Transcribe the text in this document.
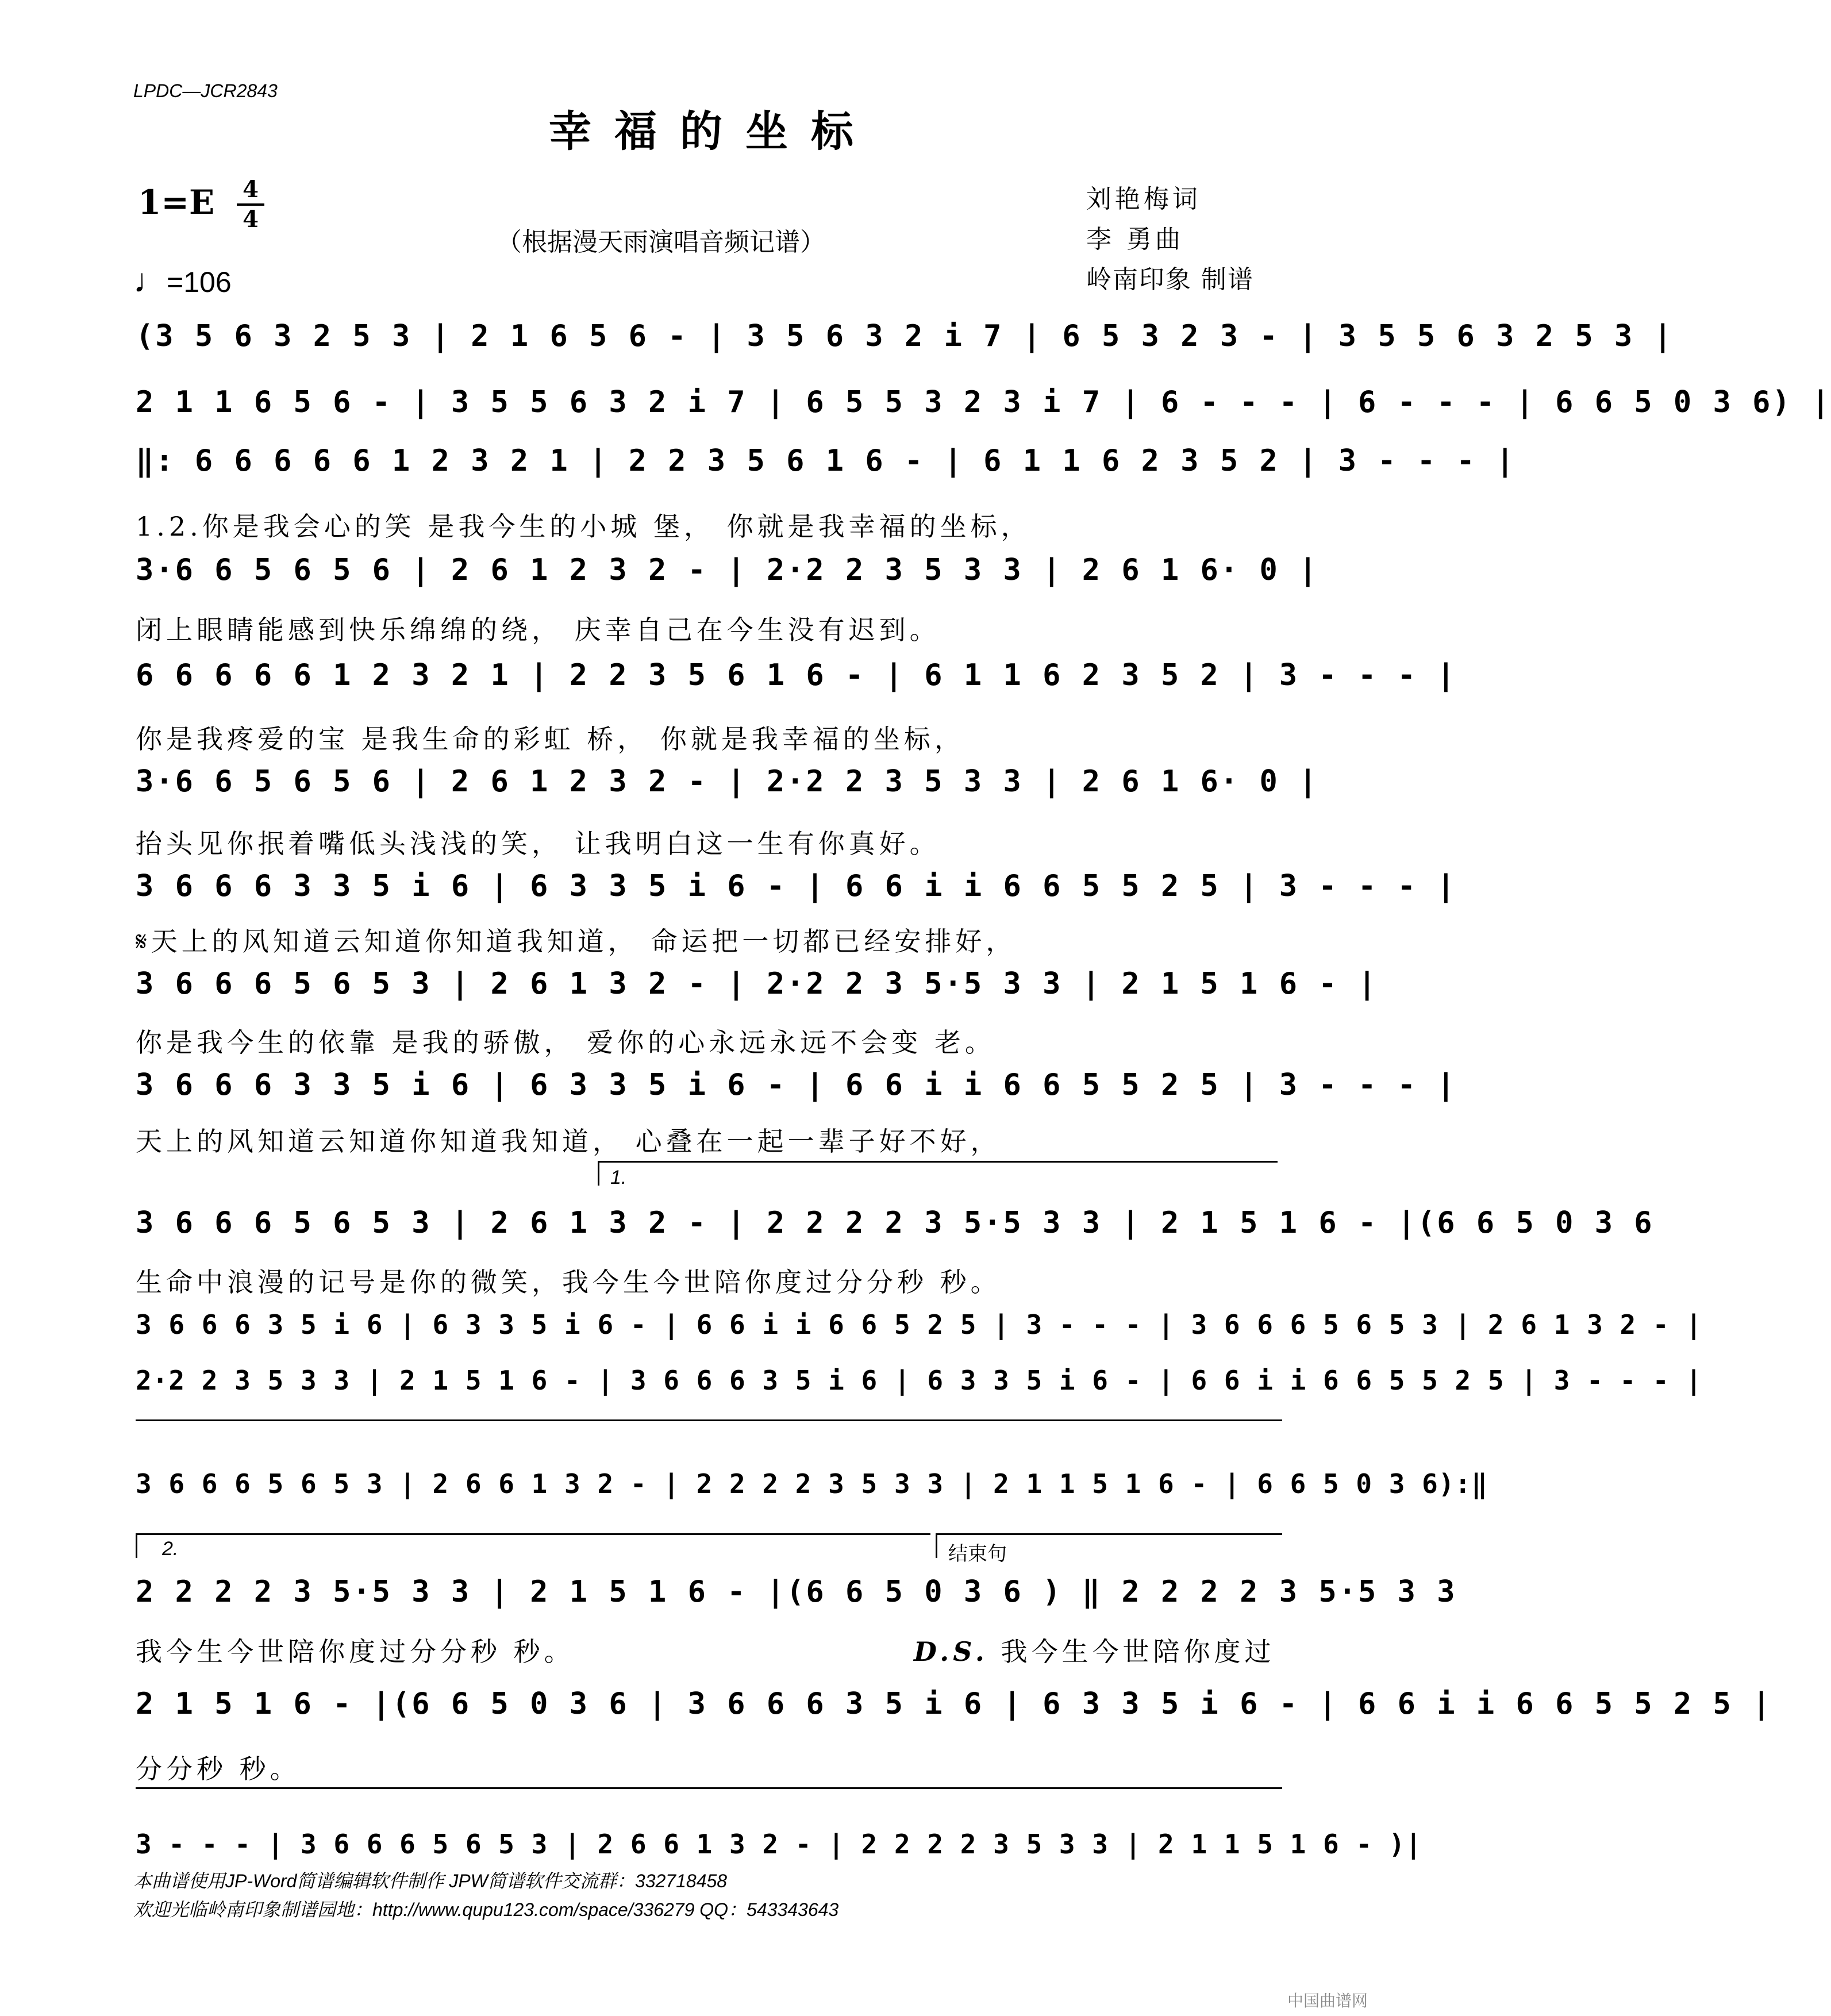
LPDC—JCR2843
幸福的坐标
1=E 4
4
（根据漫天雨演唱音频记谱）
刘艳梅词
李 勇曲
岭南印象 制谱
♩=106
(3 5 6 3 2 5 3 | 2 1 6 5 6 - | 3 5 6 3 2 i 7 | 6 5 3 2 3 - | 3 5 5 6 3 2 5 3 |
2 1 1 6 5 6 - | 3 5 5 6 3 2 i 7 | 6 5 5 3 2 3 i 7 | 6 - - - | 6 - - - | 6 6 5 0 3 6) |
‖: 6 6 6 6 6 1 2 3 2 1 | 2 2 3 5 6 1 6 - | 6 1 1 6 2 3 5 2 | 3 - - - |
1.2.你是我会心的笑 是我今生的小城 堡， 你就是我幸福的坐标，
3·6 6 5 6 5 6 | 2 6 1 2 3 2 - | 2·2 2 3 5 3 3 | 2 6 1 6· 0 |
闭上眼睛能感到快乐绵绵的绕， 庆幸自己在今生没有迟到。
6 6 6 6 6 1 2 3 2 1 | 2 2 3 5 6 1 6 - | 6 1 1 6 2 3 5 2 | 3 - - - |
你是我疼爱的宝 是我生命的彩虹 桥， 你就是我幸福的坐标，
3·6 6 5 6 5 6 | 2 6 1 2 3 2 - | 2·2 2 3 5 3 3 | 2 6 1 6· 0 |
抬头见你抿着嘴低头浅浅的笑， 让我明白这一生有你真好。
3 6 6 6 3 3 5 i 6 | 6 3 3 5 i 6 - | 6 6 i i 6 6 5 5 2 5 | 3 - - - |
𝄋天上的风知道云知道你知道我知道， 命运把一切都已经安排好，
3 6 6 6 5 6 5 3 | 2 6 1 3 2 - | 2·2 2 3 5·5 3 3 | 2 1 5 1 6 - |
你是我今生的依靠 是我的骄傲， 爱你的心永远永远不会变 老。
3 6 6 6 3 3 5 i 6 | 6 3 3 5 i 6 - | 6 6 i i 6 6 5 5 2 5 | 3 - - - |
天上的风知道云知道你知道我知道， 心叠在一起一辈子好不好，
1.
3 6 6 6 5 6 5 3 | 2 6 1 3 2 - | 2 2 2 2 3 5·5 3 3 | 2 1 5 1 6 - |(6 6 5 0 3 6
生命中浪漫的记号是你的微笑，我今生今世陪你度过分分秒 秒。
3 6 6 6 3 5 i 6 | 6 3 3 5 i 6 - | 6 6 i i 6 6 5 2 5 | 3 - - - | 3 6 6 6 5 6 5 3 | 2 6 1 3 2 - |
2·2 2 3 5 3 3 | 2 1 5 1 6 - | 3 6 6 6 3 5 i 6 | 6 3 3 5 i 6 - | 6 6 i i 6 6 5 5 2 5 | 3 - - - |
3 6 6 6 5 6 5 3 | 2 6 6 1 3 2 - | 2 2 2 2 3 5 3 3 | 2 1 1 5 1 6 - | 6 6 5 0 3 6):‖
2.	结束句
2 2 2 2 3 5·5 3 3 | 2 1 5 1 6 - |(6 6 5 0 3 6 ) ‖ 2 2 2 2 3 5·5 3 3
我今生今世陪你度过分分秒 秒。	D.S. 我今生今世陪你度过
2 1 5 1 6 - |(6 6 5 0 3 6 | 3 6 6 6 3 5 i 6 | 6 3 3 5 i 6 - | 6 6 i i 6 6 5 5 2 5 |
分分秒 秒。
3 - - - | 3 6 6 6 5 6 5 3 | 2 6 6 1 3 2 - | 2 2 2 2 3 5 3 3 | 2 1 1 5 1 6 - )|
本曲谱使用JP-Word简谱编辑软件制作 JPW简谱软件交流群：332718458
欢迎光临岭南印象制谱园地：http://www.qupu123.com/space/336279 QQ：543343643
中国曲谱网
